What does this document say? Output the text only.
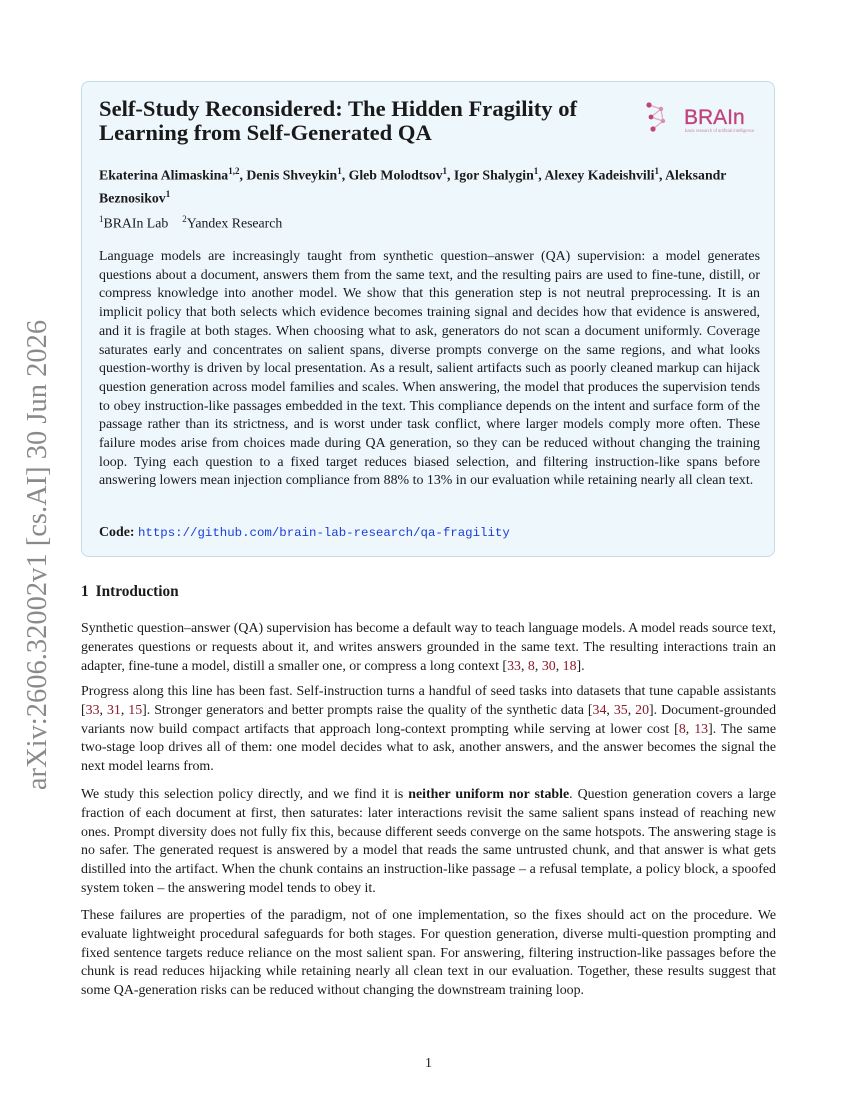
arXiv:2606.32002v1 [cs.AI] 30 Jun 2026
Self-Study Reconsidered: The Hidden Fragility of Learning from Self-Generated QA
BRAIn
basic research of artificial intelligence

Ekaterina Alimaskina$^{1,2}$, Denis Shveykin$^1$, Gleb Molodtsov$^1$, Igor Shalygin$^1$, Alexey Kadeishvili$^1$, Aleksandr Beznosikov$^1$

$^1$BRAIn Lab $^2$Yandex Research

Language models are increasingly taught from synthetic question–answer (QA) supervision: a model generates questions about a document, answers them from the same text, and the resulting pairs are used to fine-tune, distill, or compress knowledge into another model. We show that this generation step is not neutral preprocessing. It is an implicit policy that both selects which evidence becomes training signal and decides how that evidence is answered, and it is fragile at both stages. When choosing what to ask, generators do not scan a document uniformly. Coverage saturates early and concentrates on salient spans, diverse prompts converge on the same regions, and what looks question-worthy is driven by local presentation. As a result, salient artifacts such as poorly cleaned markup can hijack question generation across model families and scales. When answering, the model that produces the supervision tends to obey instruction-like passages embedded in the text. This compliance depends on the intent and surface form of the passage rather than its strictness, and is worst under task conflict, where larger models comply more often. These failure modes arise from choices made during QA generation, so they can be reduced without changing the training loop. Tying each question to a fixed target reduces biased selection, and filtering instruction-like spans before answering lowers mean injection compliance from 88% to 13% in our evaluation while retaining nearly all clean text.

Code: https://github.com/brain-lab-research/qa-fragility

1 Introduction

Synthetic question–answer (QA) supervision has become a default way to teach language models. A model reads source text, generates questions or requests about it, and writes answers grounded in the same text. The resulting interactions train an adapter, fine-tune a model, distill a smaller one, or compress a long context [33, 8, 30, 18].

Progress along this line has been fast. Self-instruction turns a handful of seed tasks into datasets that tune capable assistants [33, 31, 15]. Stronger generators and better prompts raise the quality of the synthetic data [34, 35, 20]. Document-grounded variants now build compact artifacts that approach long-context prompting while serving at lower cost [8, 13]. The same two-stage loop drives all of them: one model decides what to ask, another answers, and the answer becomes the signal the next model learns from.

We study this selection policy directly, and we find it is neither uniform nor stable. Question generation covers a large fraction of each document at first, then saturates: later interactions revisit the same salient spans instead of reaching new ones. Prompt diversity does not fully fix this, because different seeds converge on the same hotspots. The answering stage is no safer. The generated request is answered by a model that reads the same untrusted chunk, and that answer is what gets distilled into the artifact. When the chunk contains an instruction-like passage – a refusal template, a policy block, a spoofed system token – the answering model tends to obey it.

These failures are properties of the paradigm, not of one implementation, so the fixes should act on the procedure. We evaluate lightweight procedural safeguards for both stages. For question generation, diverse multi-question prompting and fixed sentence targets reduce reliance on the most salient span. For answering, filtering instruction-like passages before the chunk is read reduces hijacking while retaining nearly all clean text in our evaluation. Together, these results suggest that some QA-generation risks can be reduced without changing the downstream training loop.

1
